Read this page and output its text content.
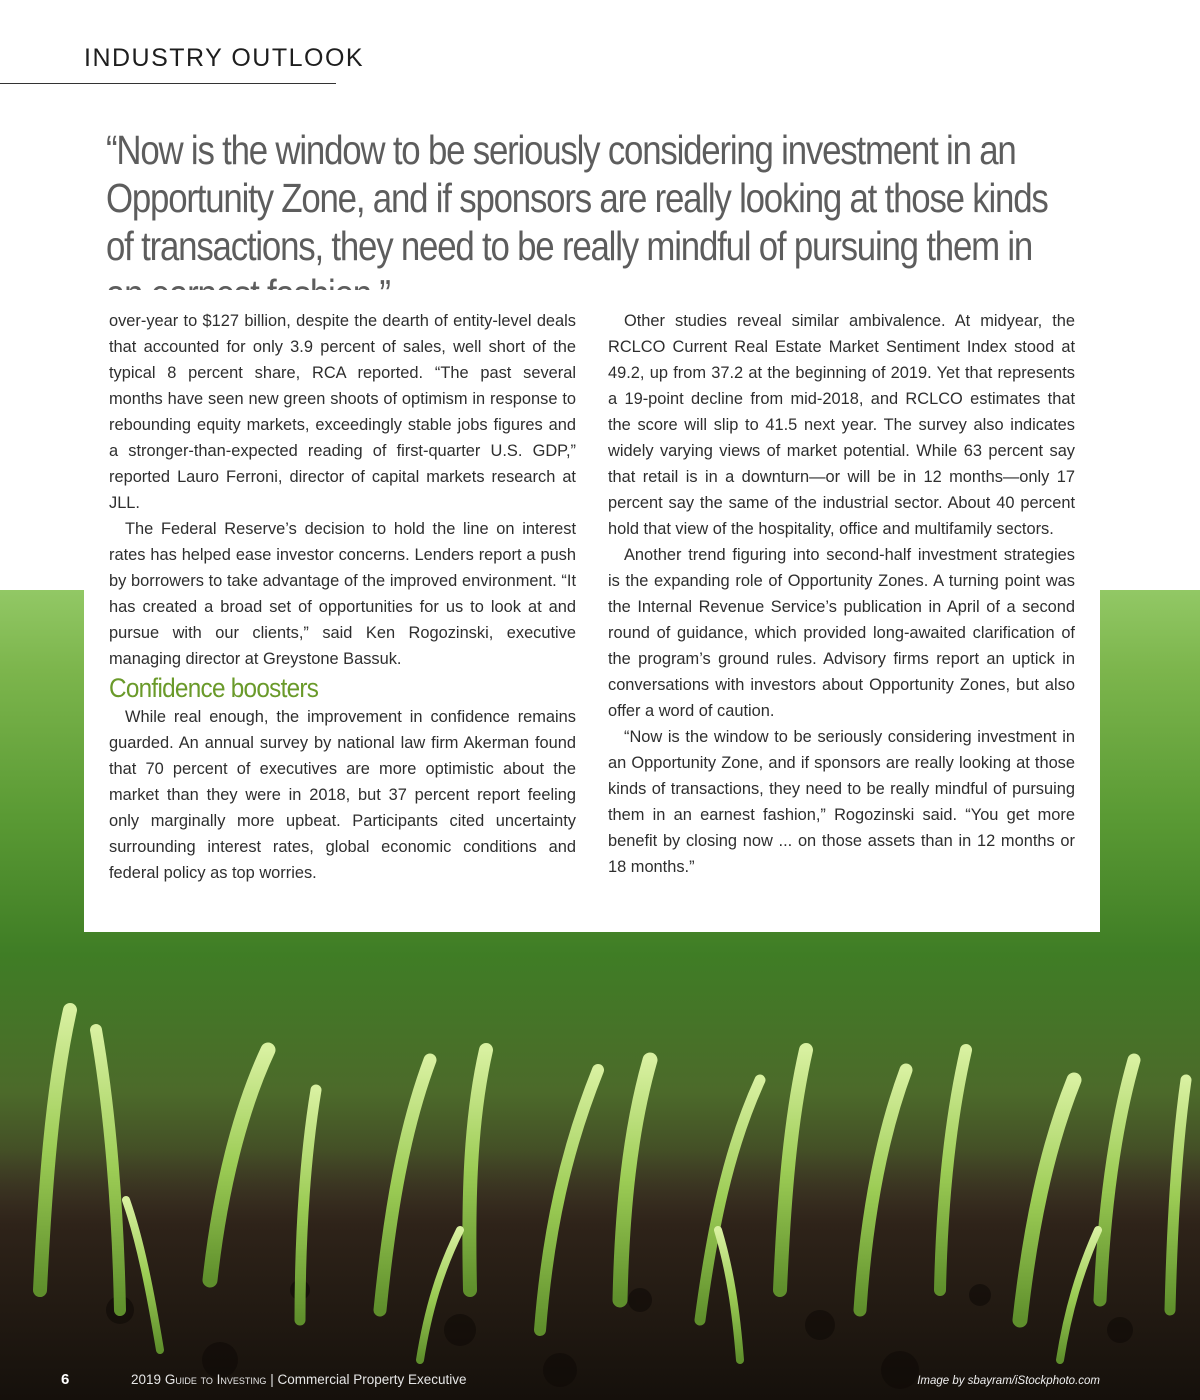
INDUSTRY OUTLOOK
6	2019 Guide to Investing | Commercial Property Executive	Image by sbayram/iStockphoto.com
“Now is the window to be seriously considering investment in an Opportunity Zone, and if sponsors are really looking at those kinds of transactions, they need to be really mindful of pursuing them in

over-year to $127 billion, despite the dearth of entity-level deals that accounted for only 3.9 percent of sales, well short of the typical 8 percent share, RCA reported. “The past several months have seen new green shoots of optimism in response to rebounding equity markets, exceedingly stable jobs figures and a stronger-than-expected reading of first-quarter U.S. GDP,” reported Lauro Ferroni, director of capital markets research at JLL.

The Federal Reserve’s decision to hold the line on interest rates has helped ease investor concerns. Lenders report a push by borrowers to take advantage of the improved environment. “It has created a broad set of opportunities for us to look at and pursue with our clients,” said Ken Rogozinski, executive managing director at Greystone Bassuk.

Confidence boosters

While real enough, the improvement in confidence remains guarded. An annual survey by national law firm Akerman found that 70 percent of executives are more optimistic about the market than they were in 2018, but 37 percent report feeling only marginally more upbeat. Participants cited uncertainty surrounding interest rates, global economic conditions and federal policy as top worries.

Other studies reveal similar ambivalence. At midyear, the RCLCO Current Real Estate Market Sentiment Index stood at 49.2, up from 37.2 at the beginning of 2019. Yet that represents a 19-point decline from mid-2018, and RCLCO estimates that the score will slip to 41.5 next year. The survey also indicates widely varying views of market potential. While 63 percent say that retail is in a downturn—or will be in 12 months—only 17 percent say the same of the industrial sector. About 40 percent hold that view of the hospitality, office and multifamily sectors.

Another trend figuring into second-half investment strategies is the expanding role of Opportunity Zones. A turning point was the Internal Revenue Service’s publication in April of a second round of guidance, which provided long-awaited clarification of the program’s ground rules. Advisory firms report an uptick in conversations with investors about Opportunity Zones, but also offer a word of caution.

“Now is the window to be seriously considering investment in an Opportunity Zone, and if sponsors are really looking at those kinds of transactions, they need to be really mindful of pursuing them in an earnest fashion,” Rogozinski said. “You get more benefit by closing now ... on those assets than in 12 months or 18 months.”
